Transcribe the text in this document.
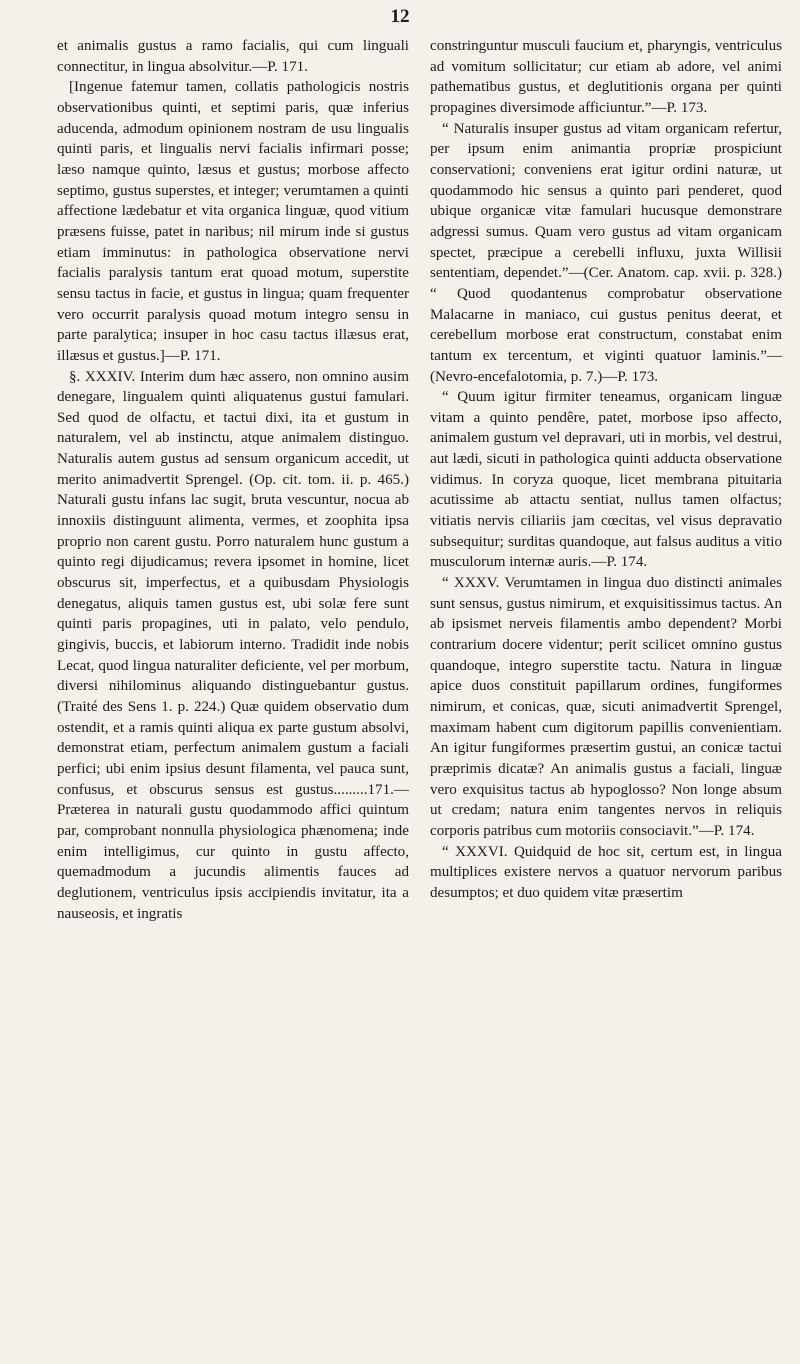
12

et animalis gustus a ramo facialis, qui cum linguali connectitur, in lingua absolvitur.—P. 171.

[Ingenue fatemur tamen, collatis pathologicis nostris observationibus quinti, et septimi paris, quæ inferius aducenda, admodum opinionem nostram de usu lingualis quinti paris, et lingualis nervi facialis infirmari posse; læso namque quinto, læsus et gustus; morbose affecto septimo, gustus superstes, et integer; verumtamen a quinti affectione lædebatur et vita organica linguæ, quod vitium præsens fuisse, patet in naribus; nil mirum inde si gustus etiam imminutus: in pathologica observatione nervi facialis paralysis tantum erat quoad motum, superstite sensu tactus in facie, et gustus in lingua; quam frequenter vero occurrit paralysis quoad motum integro sensu in parte paralytica; insuper in hoc casu tactus illæsus erat, illæsus et gustus.]—P. 171.

§. XXXIV. Interim dum hæc assero, non omnino ausim denegare, lingualem quinti aliquatenus gustui famulari. Sed quod de olfactu, et tactui dixi, ita et gustum in naturalem, vel ab instinctu, atque animalem distinguo. Naturalis autem gustus ad sensum organicum accedit, ut merito animadvertit Sprengel. (Op. cit. tom. ii. p. 465.) Naturali gustu infans lac sugit, bruta vescuntur, nocua ab innoxiis distinguunt alimenta, vermes, et zoophita ipsa proprio non carent gustu. Porro naturalem hunc gustum a quinto regi dijudicamus; revera ipsomet in homine, licet obscurus sit, imperfectus, et a quibusdam Physiologis denegatus, aliquis tamen gustus est, ubi solæ fere sunt quinti paris propagines, uti in palato, velo pendulo, gingivis, buccis, et labiorum interno. Tradidit inde nobis Lecat, quod lingua naturaliter deficiente, vel per morbum, diversi nihilominus aliquando distinguebantur gustus. (Traité des Sens 1. p. 224.) Quæ quidem observatio dum ostendit, et a ramis quinti aliqua ex parte gustum absolvi, demonstrat etiam, perfectum animalem gustum a faciali perfici; ubi enim ipsius desunt filamenta, vel pauca sunt, confusus, et obscurus sensus est gustus.........171.—Præterea in naturali gustu quodammodo affici quintum par, comprobant nonnulla physiologica phænomena; inde enim intelligimus, cur quinto in gustu affecto, quemadmodum a jucundis alimentis fauces ad deglutionem, ventriculus ipsis accipiendis invitatur, ita a nauseosis, et ingratis

constringuntur musculi faucium et, pharyngis, ventriculus ad vomitum sollicitatur; cur etiam ab adore, vel animi pathematibus gustus, et deglutitionis organa per quinti propagines diversimode afficiuntur.”—P. 173.

“ Naturalis insuper gustus ad vitam organicam refertur, per ipsum enim animantia propriæ prospiciunt conservationi; conveniens erat igitur ordini naturæ, ut quodammodo hic sensus a quinto pari penderet, quod ubique organicæ vitæ famulari hucusque demonstrare adgressi sumus. Quam vero gustus ad vitam organicam spectet, præcipue a cerebelli influxu, juxta Willisii sententiam, dependet.”—(Cer. Anatom. cap. xvii. p. 328.) “ Quod quodantenus comprobatur observatione Malacarne in maniaco, cui gustus penitus deerat, et cerebellum morbose erat constructum, constabat enim tantum ex tercentum, et viginti quatuor laminis.”—(Nevro-encefalotomia, p. 7.)—P. 173.

“ Quum igitur firmiter teneamus, organicam linguæ vitam a quinto pendêre, patet, morbose ipso affecto, animalem gustum vel depravari, uti in morbis, vel destrui, aut lædi, sicuti in pathologica quinti adducta observatione vidimus. In coryza quoque, licet membrana pituitaria acutissime ab attactu sentiat, nullus tamen olfactus; vitiatis nervis ciliariis jam cœcitas, vel visus depravatio subsequitur; surditas quandoque, aut falsus auditus a vitio musculorum internæ auris.—P. 174.

“ XXXV. Verumtamen in lingua duo distincti animales sunt sensus, gustus nimirum, et exquisitissimus tactus. An ab ipsismet nerveis filamentis ambo dependent? Morbi contrarium docere videntur; perit scilicet omnino gustus quandoque, integro superstite tactu. Natura in linguæ apice duos constituit papillarum ordines, fungiformes nimirum, et conicas, quæ, sicuti animadvertit Sprengel, maximam habent cum digitorum papillis convenientiam. An igitur fungiformes præsertim gustui, an conicæ tactui præprimis dicatæ? An animalis gustus a faciali, linguæ vero exquisitus tactus ab hypoglosso? Non longe absum ut credam; natura enim tangentes nervos in reliquis corporis patribus cum motoriis consociavit.”—P. 174.

“ XXXVI. Quidquid de hoc sit, certum est, in lingua multiplices existere nervos a quatuor nervorum paribus desumptos; et duo quidem vitæ præsertim
